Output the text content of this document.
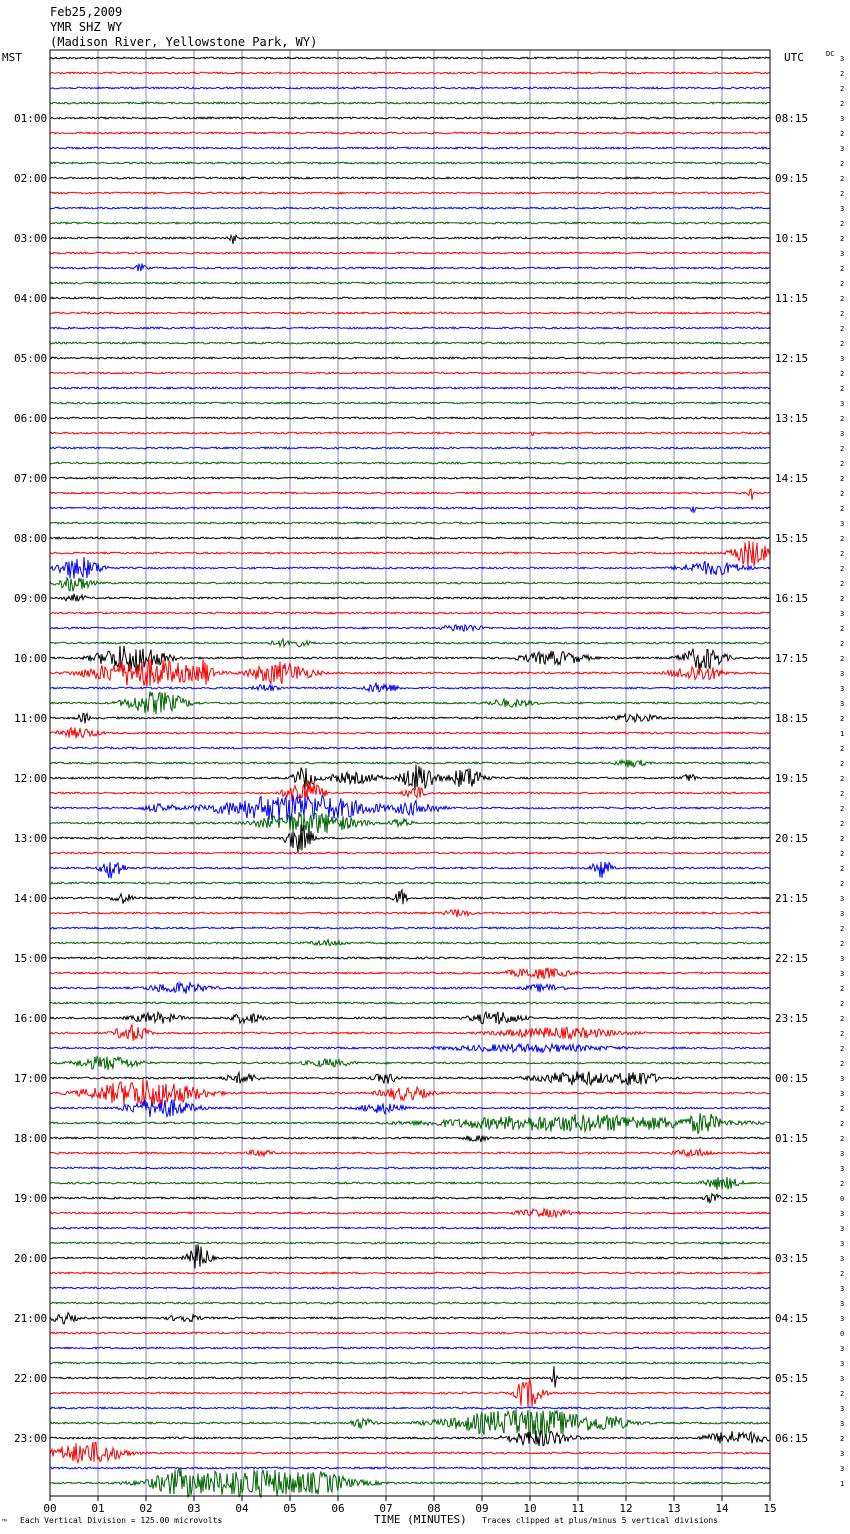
Feb25,2009
YMR SHZ WY
(Madison River, Yellowstone Park, WY)
MST	UTC	DC
01:00
02:00
03:00
04:00
05:00
06:00
07:00
08:00
09:00
10:00
11:00
12:00
13:00
14:00
15:00
16:00
17:00
18:00
19:00
20:00
21:00
22:00
23:00
08:15
09:15
10:15
11:15
12:15
13:15
14:15
15:15
16:15
17:15
18:15
19:15
20:15
21:15
22:15
23:15
00:15
01:15
02:15
03:15
04:15
05:15
06:15
3
2
2
2
3
2
3
2
2
2
3
2
2
3
2
2
2
2
2
2
3
2
2
3
2
3
2
2
2
2
2
3
2
2
2
2
2
3
2
2
2
3
3
3
2
1
2
2
2
2
2
2
2
2
2
2
3
3
2
2
3
3
2
2
2
2
2
2
3
3
2
2
2
3
3
2
0
3
3
3
3
2
3
3
3
0
3
3
3
2
3
3
2
3
3
1
00	01	02	03	04	05	06	07	08	09	10	11	12	13	14	15
™ Each Vertical Division = 125.00 microvolts	TIME (MINUTES) Traces clipped at plus/minus 5 vertical divisions
